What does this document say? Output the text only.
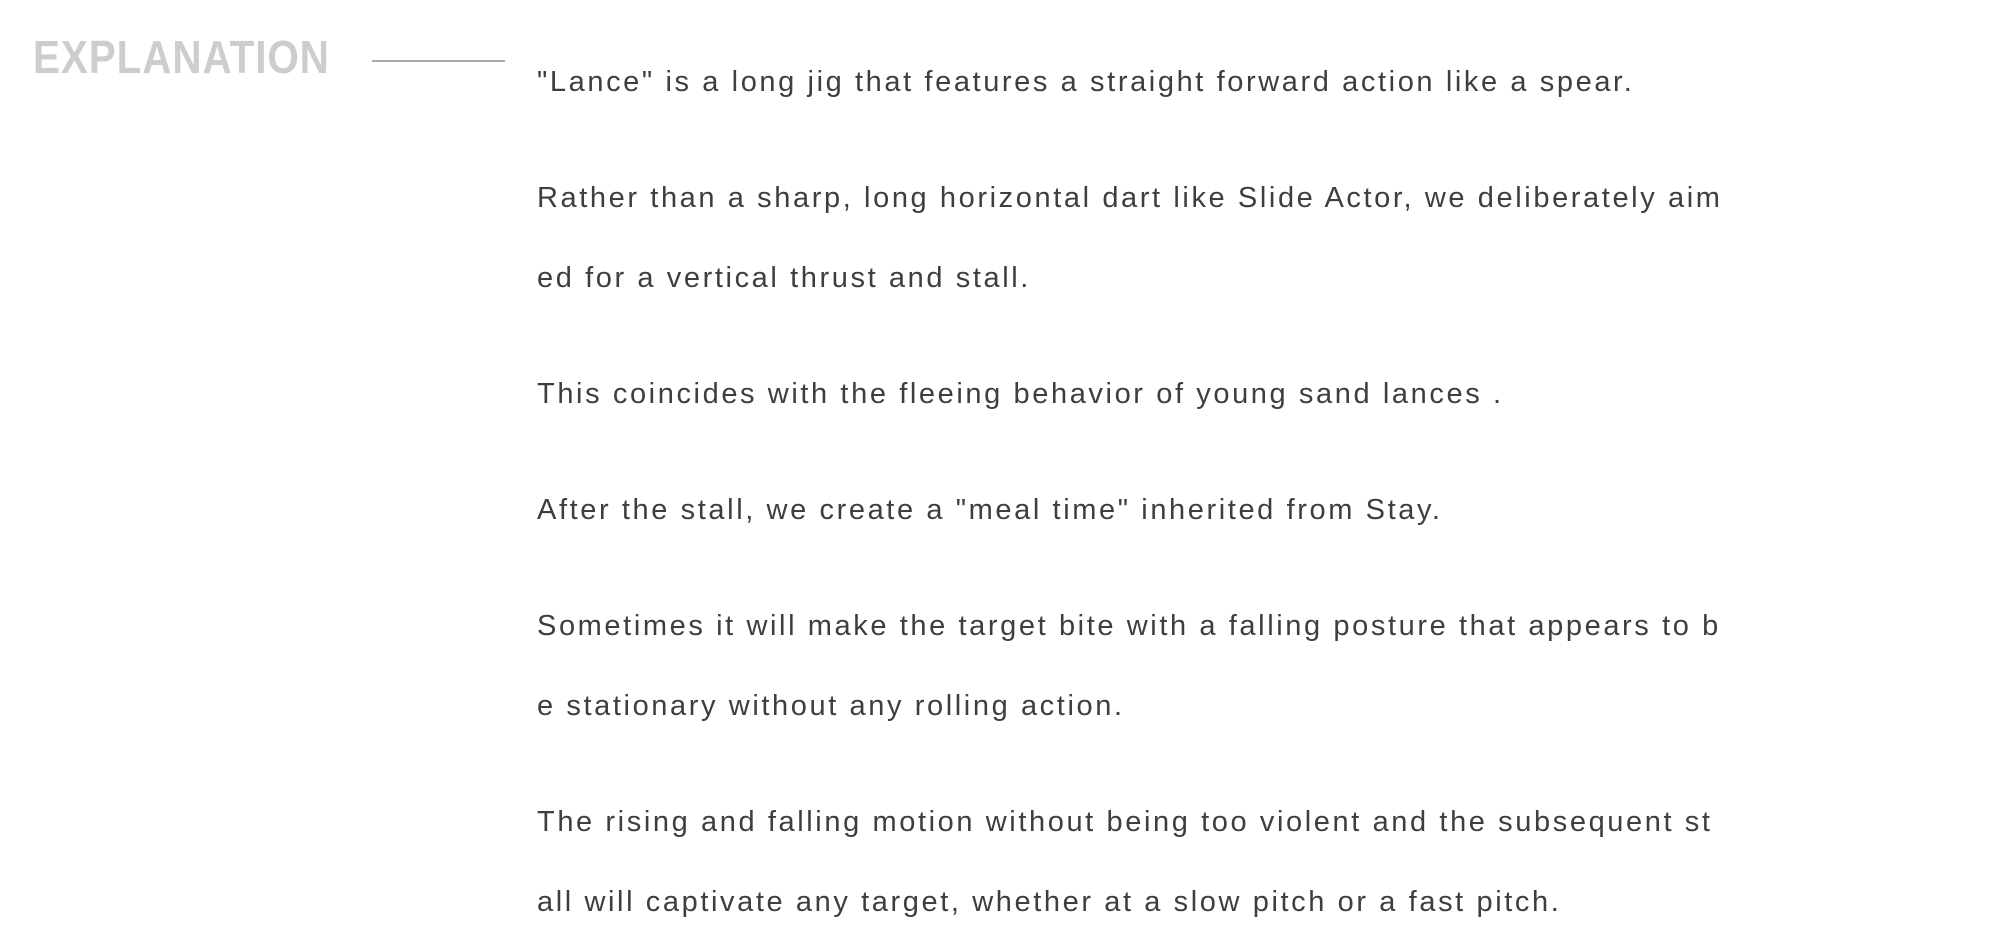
EXPLANATION	"Lance" is a long jig that features a straight forward action like a spear.
Rather than a sharp, long horizontal dart like Slide Actor, we deliberately aim
ed for a vertical thrust and stall.
This coincides with the fleeing behavior of young sand lances .
After the stall, we create a "meal time" inherited from Stay.
Sometimes it will make the target bite with a falling posture that appears to b
e stationary without any rolling action.
The rising and falling motion without being too violent and the subsequent st
all will captivate any target, whether at a slow pitch or a fast pitch.
